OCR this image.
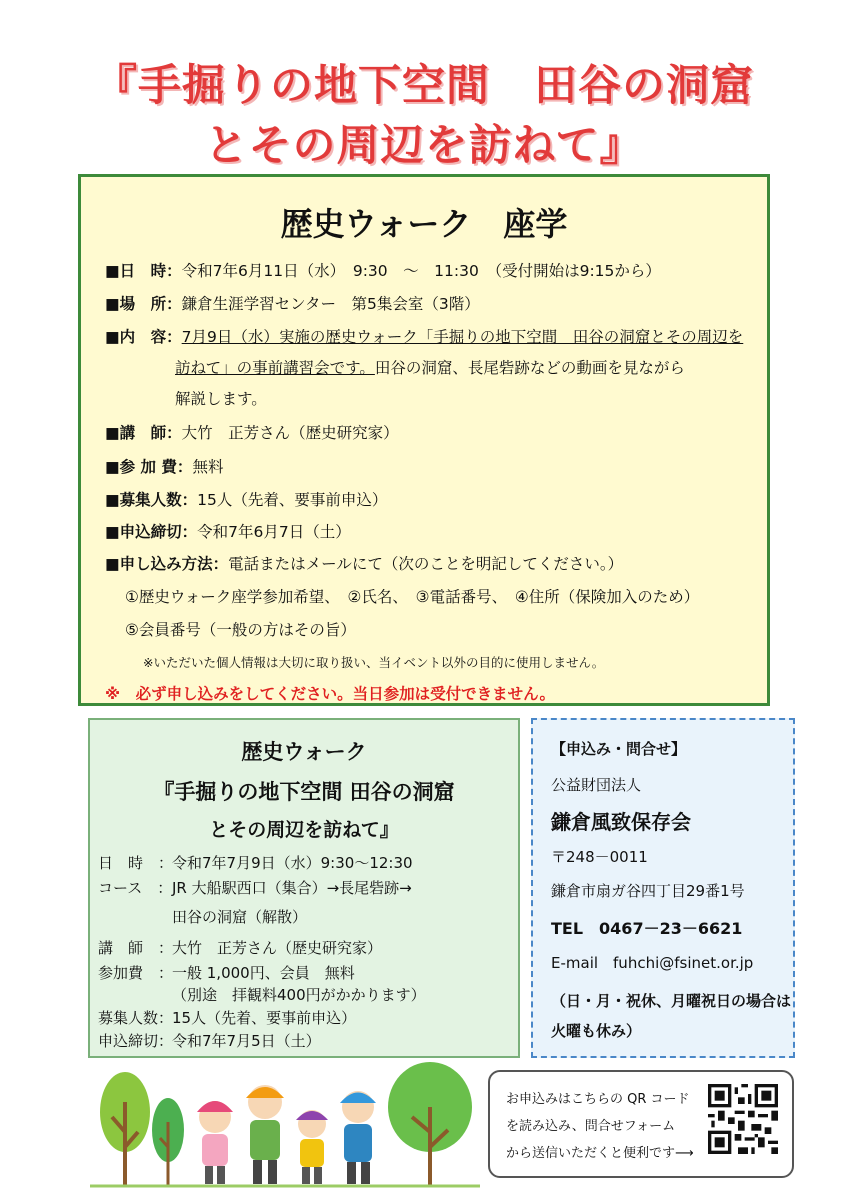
『手掘りの地下空間　田谷の洞窟
とその周辺を訪ねて』
歴史ウォーク　座学
■日　時：令和7年6月11日（水）　9:30　～　11:30　（受付開始は9:15から）
■場　所：鎌倉生涯学習センター　第5集会室（3階）
■内　容：7月9日（水）実施の歴史ウォーク「手掘りの地下空間　田谷の洞窟とその周辺を
訪ねて」の事前講習会です。田谷の洞窟、長尾砦跡などの動画を見ながら
解説します。
■講　師：大竹　正芳さん（歴史研究家）
■参 加 費：無料
■募集人数：15人（先着、要事前申込）
■申込締切：令和7年6月7日（土）
■申し込み方法：電話またはメールにて（次のことを明記してください。）
①歴史ウォーク座学参加希望、　②氏名、　③電話番号、　④住所（保険加入のため）
⑤会員番号（一般の方はその旨）
※いただいた個人情報は大切に取り扱い、当イベント以外の目的に使用しません。
※　必ず申し込みをしてください。当日参加は受付できません。
歴史ウォーク
『手掘りの地下空間 田谷の洞窟
とその周辺を訪ねて』
日　時　：
令和7年7月9日（水）9:30～12:30
コース　： JR 大船駅西口（集合）→長尾砦跡→
田谷の洞窟（解散）
講　師　：
大竹　正芳さん（歴史研究家）
参加費　：
一般 1,000円、会員　無料
（別途　拝観料400円がかかります）
募集人数：
15人（先着、要事前申込）
申込締切：
令和7年7月5日（土）
【申込み・問合せ】
公益財団法人
鎌倉風致保存会
〒248－0011
鎌倉市扇ガ谷四丁目29番1号
TEL　0467－23－6621
E-mail　fuhchi@fsinet.or.jp
（日・月・祝休、月曜祝日の場合は
火曜も休み）
お申込みはこちらの QR コード
を読み込み、問合せフォーム
から送信いただくと便利です⟶
